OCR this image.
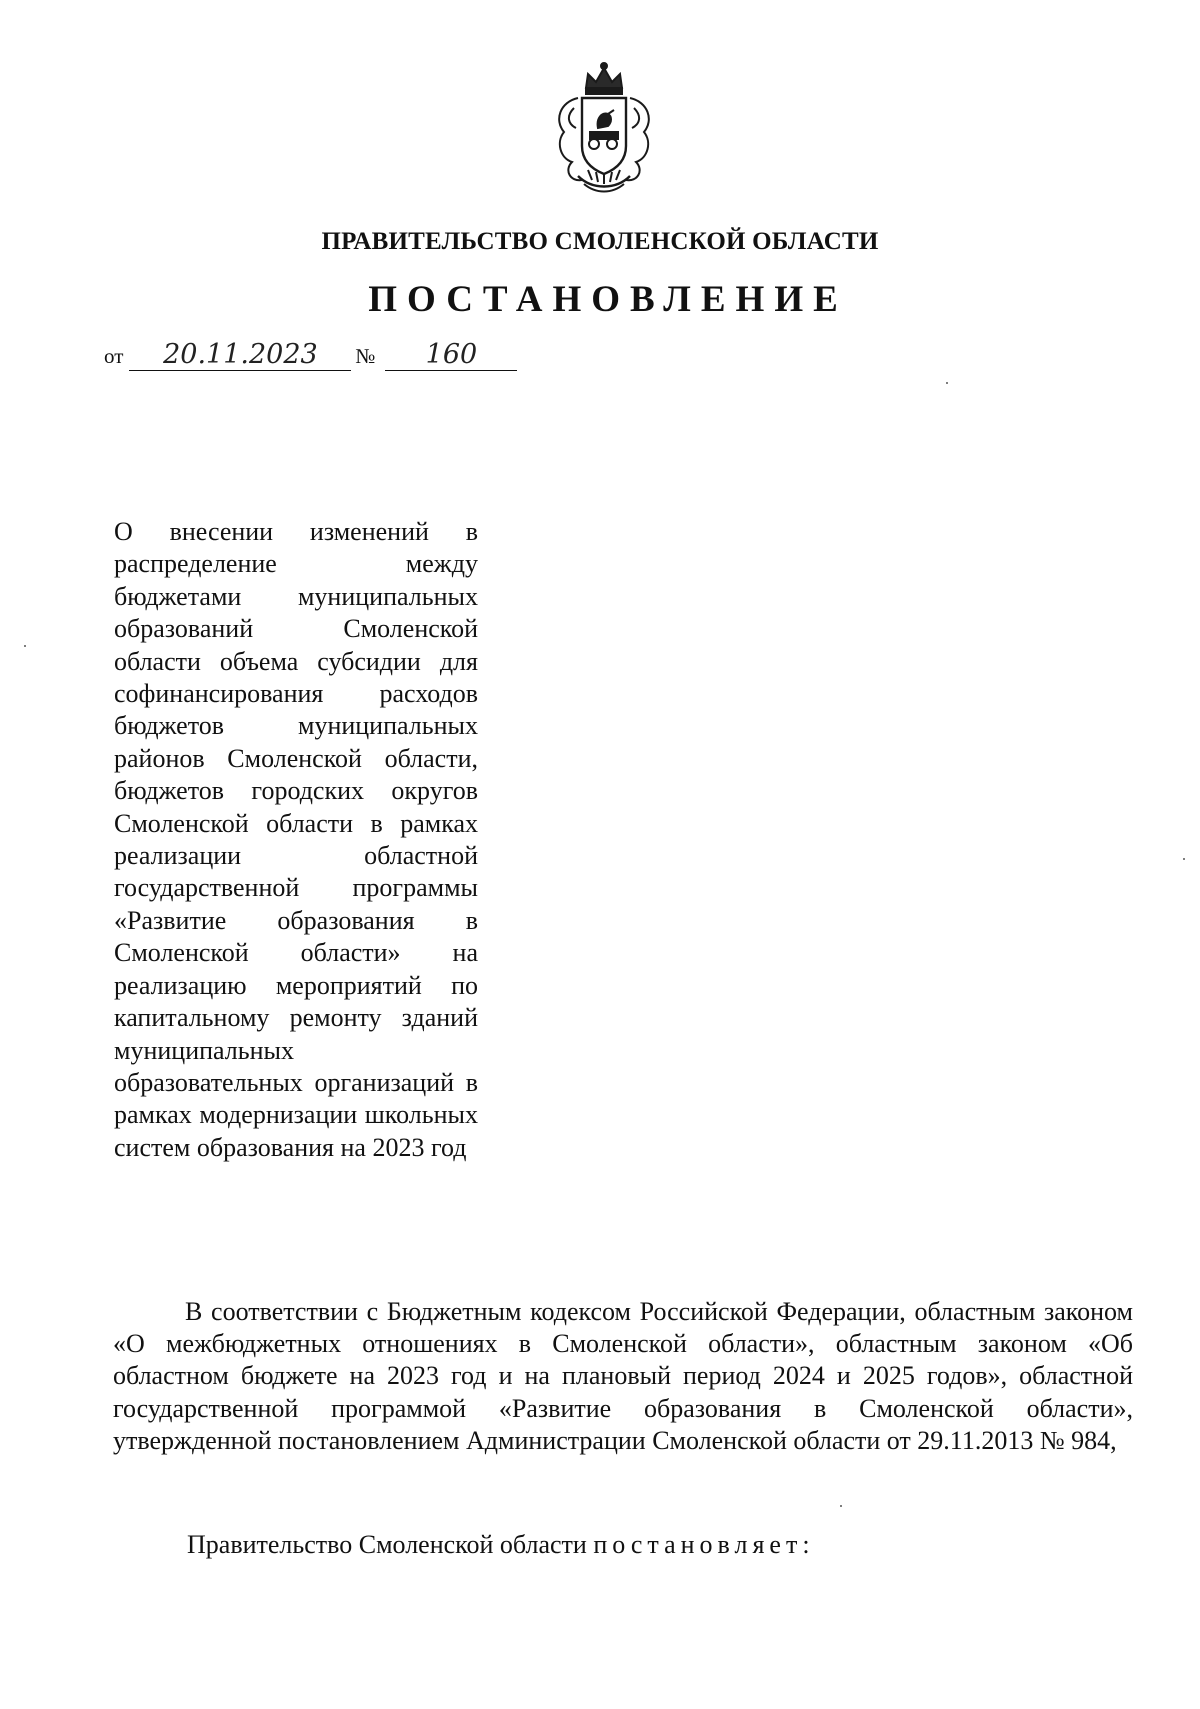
ПРАВИТЕЛЬСТВО СМОЛЕНСКОЙ ОБЛАСТИ
ПОСТАНОВЛЕНИЕ
от 20.11.2023 № 160
О внесении изменений в распределение между бюджетами муниципальных образований Смоленской области объема субсидии для софинансирования расходов бюджетов муниципальных районов Смоленской области, бюджетов городских округов Смоленской области в рамках реализации областной государственной программы «Развитие образования в Смоленской области» на реализацию мероприятий по капитальному ремонту зданий муниципальных образовательных организаций в рамках модернизации школьных систем образования на 2023 год
В соответствии с Бюджетным кодексом Российской Федерации, областным законом «О межбюджетных отношениях в Смоленской области», областным законом «Об областном бюджете на 2023 год и на плановый период 2024 и 2025 годов», областной государственной программой «Развитие образования в Смоленской области», утвержденной постановлением Администрации Смоленской области от 29.11.2013 № 984,
Правительство Смоленской области постановляет:
